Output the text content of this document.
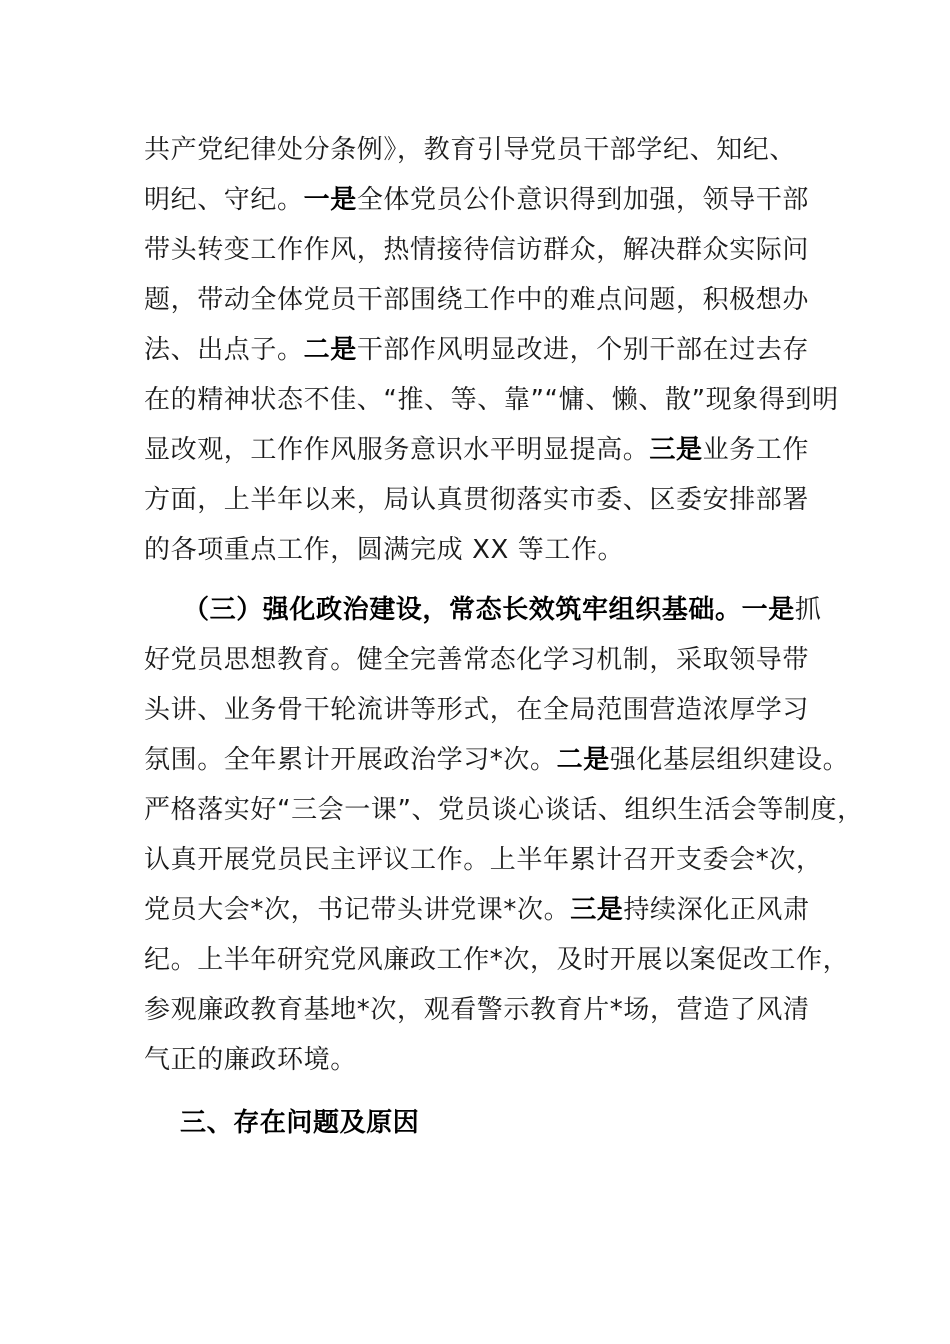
共产党纪律处分条例》，教育引导党员干部学纪、知纪、
明纪、守纪。一是全体党员公仆意识得到加强，领导干部
带头转变工作作风，热情接待信访群众，解决群众实际问
题，带动全体党员干部围绕工作中的难点问题，积极想办
法、出点子。二是干部作风明显改进，个别干部在过去存
在的精神状态不佳、“推、等、靠”“慵、懒、散”现象得到明
显改观，工作作风服务意识水平明显提高。三是业务工作
方面，上半年以来，局认真贯彻落实市委、区委安排部署
的各项重点工作，圆满完成 XX 等工作。
（三）强化政治建设，常态长效筑牢组织基础。一是抓
好党员思想教育。健全完善常态化学习机制，采取领导带
头讲、业务骨干轮流讲等形式，在全局范围营造浓厚学习
氛围。全年累计开展政治学习*次。二是强化基层组织建设。
严格落实好“三会一课”、党员谈心谈话、组织生活会等制度，
认真开展党员民主评议工作。上半年累计召开支委会*次，
党员大会*次，书记带头讲党课*次。三是持续深化正风肃
纪。上半年研究党风廉政工作*次，及时开展以案促改工作，
参观廉政教育基地*次，观看警示教育片*场，营造了风清
气正的廉政环境。
三、存在问题及原因
